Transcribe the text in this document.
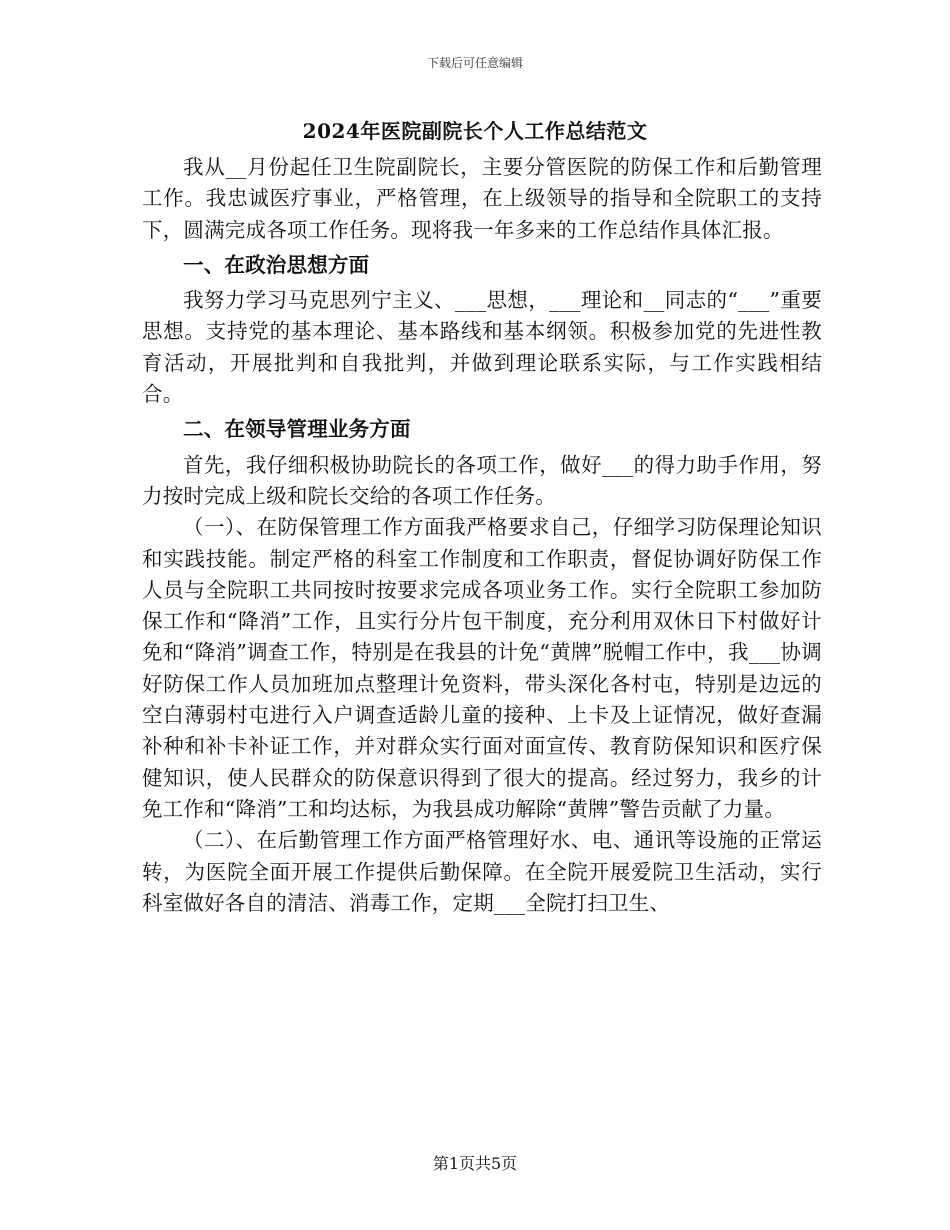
下载后可任意编辑
2024年医院副院长个人工作总结范文

我从__月份起任卫生院副院长，主要分管医院的防保工作和后勤管理工作。我忠诚医疗事业，严格管理，在上级领导的指导和全院职工的支持下，圆满完成各项工作任务。现将我一年多来的工作总结作具体汇报。

一、在政治思想方面

我努力学习马克思列宁主义、___思想，___理论和__同志的“___”重要思想。支持党的基本理论、基本路线和基本纲领。积极参加党的先进性教育活动，开展批判和自我批判，并做到理论联系实际，与工作实践相结合。

二、在领导管理业务方面

首先，我仔细积极协助院长的各项工作，做好___的得力助手作用，努力按时完成上级和院长交给的各项工作任务。

（一）、在防保管理工作方面我严格要求自己，仔细学习防保理论知识和实践技能。制定严格的科室工作制度和工作职责，督促协调好防保工作人员与全院职工共同按时按要求完成各项业务工作。实行全院职工参加防保工作和“降消”工作，且实行分片包干制度，充分利用双休日下村做好计免和“降消”调查工作，特别是在我县的计免“黄牌”脱帽工作中，我___协调好防保工作人员加班加点整理计免资料，带头深化各村屯，特别是边远的空白薄弱村屯进行入户调查适龄儿童的接种、上卡及上证情况，做好查漏补种和补卡补证工作，并对群众实行面对面宣传、教育防保知识和医疗保健知识，使人民群众的防保意识得到了很大的提高。经过努力，我乡的计免工作和“降消”工和均达标，为我县成功解除“黄牌”警告贡献了力量。

（二）、在后勤管理工作方面严格管理好水、电、通讯等设施的正常运转，为医院全面开展工作提供后勤保障。在全院开展爱院卫生活动，实行科室做好各自的清洁、消毒工作，定期___全院打扫卫生、

第1页共5页
